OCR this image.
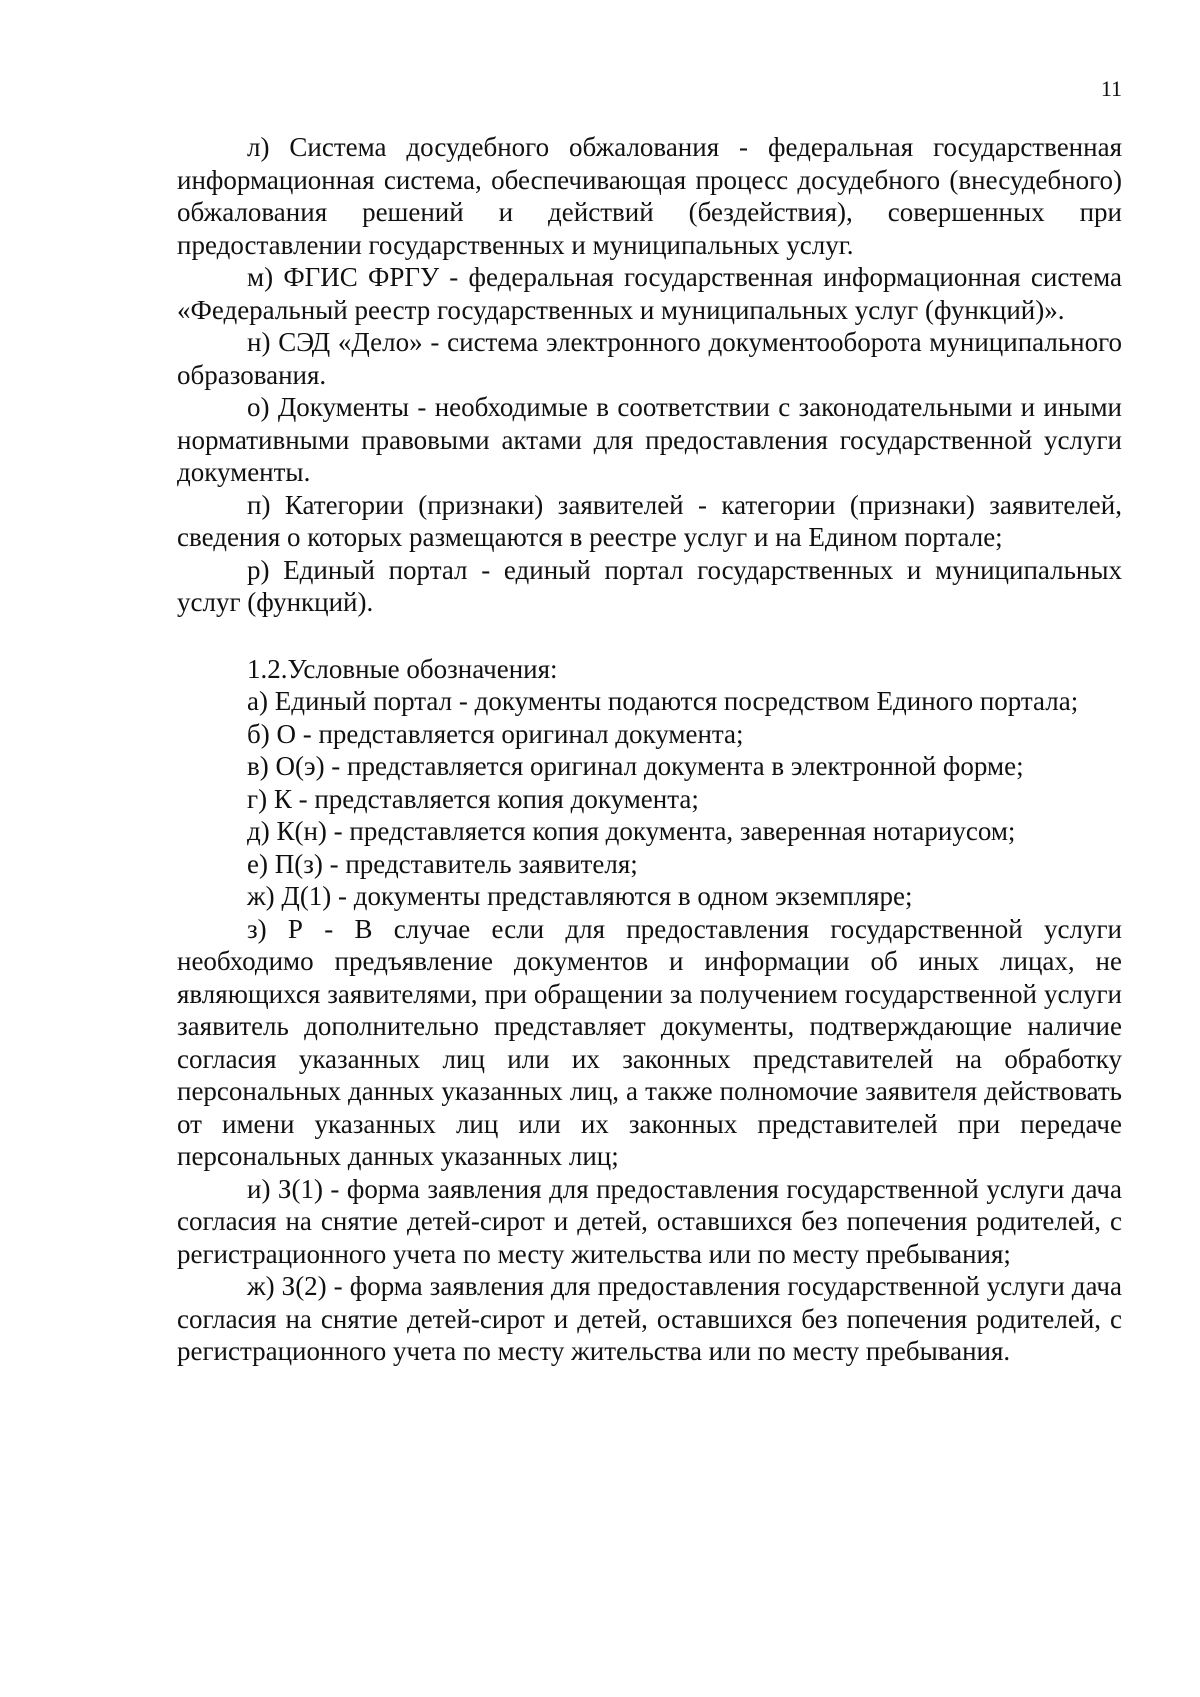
11

л) Система досудебного обжалования - федеральная государственная информационная система, обеспечивающая процесс досудебного (внесудебного) обжалования решений и действий (бездействия), совершенных при предоставлении государственных и муниципальных услуг.

м) ФГИС ФРГУ - федеральная государственная информационная система «Федеральный реестр государственных и муниципальных услуг (функций)».

н) СЭД «Дело» - система электронного документооборота муниципального образования.

о) Документы - необходимые в соответствии с законодательными и иными нормативными правовыми актами для предоставления государственной услуги документы.

п) Категории (признаки) заявителей - категории (признаки) заявителей, сведения о которых размещаются в реестре услуг и на Едином портале;

р) Единый портал - единый портал государственных и муниципальных услуг (функций).

1.2.Условные обозначения:

а) Единый портал - документы подаются посредством Единого портала;

б) О - представляется оригинал документа;

в) О(э) - представляется оригинал документа в электронной форме;

г) К - представляется копия документа;

д) К(н) - представляется копия документа, заверенная нотариусом;

е) П(з) - представитель заявителя;

ж) Д(1) - документы представляются в одном экземпляре;

з) Р - В случае если для предоставления государственной услуги необходимо предъявление документов и информации об иных лицах, не являющихся заявителями, при обращении за получением государственной услуги заявитель дополнительно представляет документы, подтверждающие наличие согласия указанных лиц или их законных представителей на обработку персональных данных указанных лиц, а также полномочие заявителя действовать от имени указанных лиц или их законных представителей при передаче персональных данных указанных лиц;

и) З(1) - форма заявления для предоставления государственной услуги дача согласия на снятие детей-сирот и детей, оставшихся без попечения родителей, с регистрационного учета по месту жительства или по месту пребывания;

ж) З(2) - форма заявления для предоставления государственной услуги дача согласия на снятие детей-сирот и детей, оставшихся без попечения родителей, с регистрационного учета по месту жительства или по месту пребывания.
